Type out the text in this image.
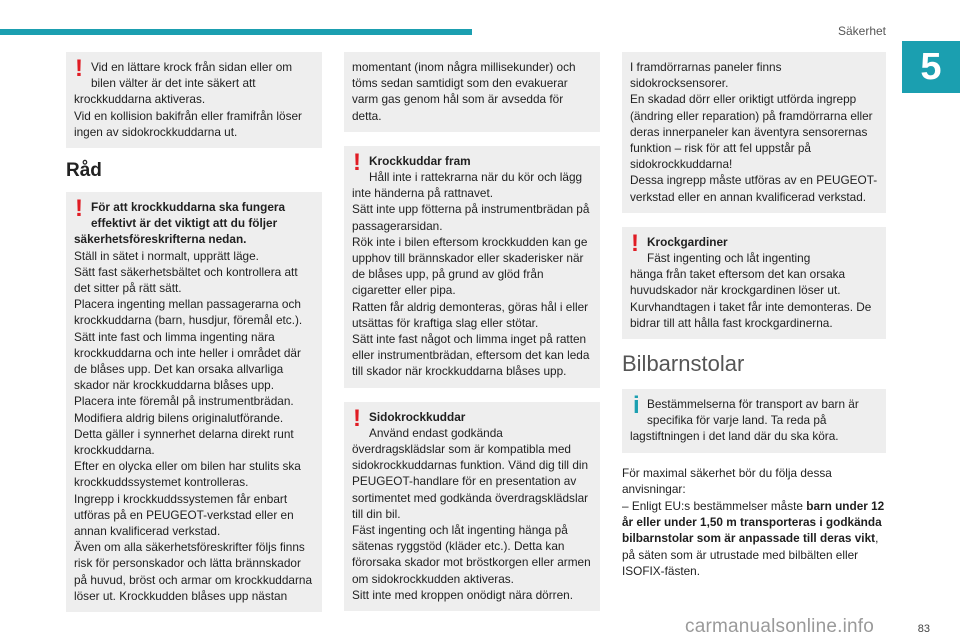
Säkerhet
5

! Vid en lättare krock från sidan eller om

bilen välter är det inte säkert att

krockkuddarna aktiveras.
Vid en kollision bakifrån eller framifrån löser ingen av sidokrockkuddarna ut.

Råd

! För att krockkuddarna ska fungera

effektivt är det viktigt att du följer

säkerhetsföreskrifterna nedan.

Ställ in sätet i normalt, upprätt läge.
Sätt fast säkerhetsbältet och kontrollera att det sitter på rätt sätt.
Placera ingenting mellan passagerarna och krockkuddarna (barn, husdjur, föremål etc.). Sätt inte fast och limma ingenting nära krockkuddarna och inte heller i området där de blåses upp. Det kan orsaka allvarliga skador när krockkuddarna blåses upp.
Placera inte föremål på instrumentbrädan.
Modifiera aldrig bilens originalutförande. Detta gäller i synnerhet delarna direkt runt krockkuddarna.
Efter en olycka eller om bilen har stulits ska krockkuddssystemet kontrolleras.
Ingrepp i krockkuddssystemen får enbart utföras på en PEUGEOT-verkstad eller en annan kvalificerad verkstad.
Även om alla säkerhetsföreskrifter följs finns risk för personskador och lätta brännskador på huvud, bröst och armar om krockkuddarna löser ut. Krockkudden blåses upp nästan

momentant (inom några millisekunder) och töms sedan samtidigt som den evakuerar varm gas genom hål som är avsedda för detta.

! Krockkuddar fram

Håll inte i rattekrarna när du kör och lägg

inte händerna på rattnavet.
Sätt inte upp fötterna på instrumentbrädan på passagerarsidan.
Rök inte i bilen eftersom krockkudden kan ge upphov till brännskador eller skaderisker när de blåses upp, på grund av glöd från cigaretter eller pipa.
Ratten får aldrig demonteras, göras hål i eller utsättas för kraftiga slag eller stötar.
Sätt inte fast något och limma inget på ratten eller instrumentbrädan, eftersom det kan leda till skador när krockkuddarna blåses upp.

! Sidokrockkuddar

Använd endast godkända

överdragsklädslar som är kompatibla med sidokrockkuddarnas funktion. Vänd dig till din PEUGEOT-handlare för en presentation av sortimentet med godkända överdragsklädslar till din bil.
Fäst ingenting och låt ingenting hänga på sätenas ryggstöd (kläder etc.). Detta kan förorsaka skador mot bröstkorgen eller armen om sidokrockkudden aktiveras.
Sitt inte med kroppen onödigt nära dörren.

I framdörrarnas paneler finns sidokrocksensorer.
En skadad dörr eller oriktigt utförda ingrepp (ändring eller reparation) på framdörrarna eller deras innerpaneler kan äventyra sensorernas funktion – risk för att fel uppstår på sidokrockkuddarna!
Dessa ingrepp måste utföras av en PEUGEOT-verkstad eller en annan kvalificerad verkstad.

! Krockgardiner

Fäst ingenting och låt ingenting

hänga från taket eftersom det kan orsaka huvudskador när krockgardinen löser ut.
Kurvhandtagen i taket får inte demonteras. De bidrar till att hålla fast krockgardinerna.

Bilbarnstolar

i Bestämmelserna för transport av barn är

specifika för varje land. Ta reda på

lagstiftningen i det land där du ska köra.

För maximal säkerhet bör du följa dessa anvisningar:

– Enligt EU:s bestämmelser måste barn under 12 år eller under 1,50 m transporteras i godkända bilbarnstolar som är anpassade till deras vikt, på säten som är utrustade med bilbälten eller ISOFIX-fästen.

83
carmanualsonline.info
